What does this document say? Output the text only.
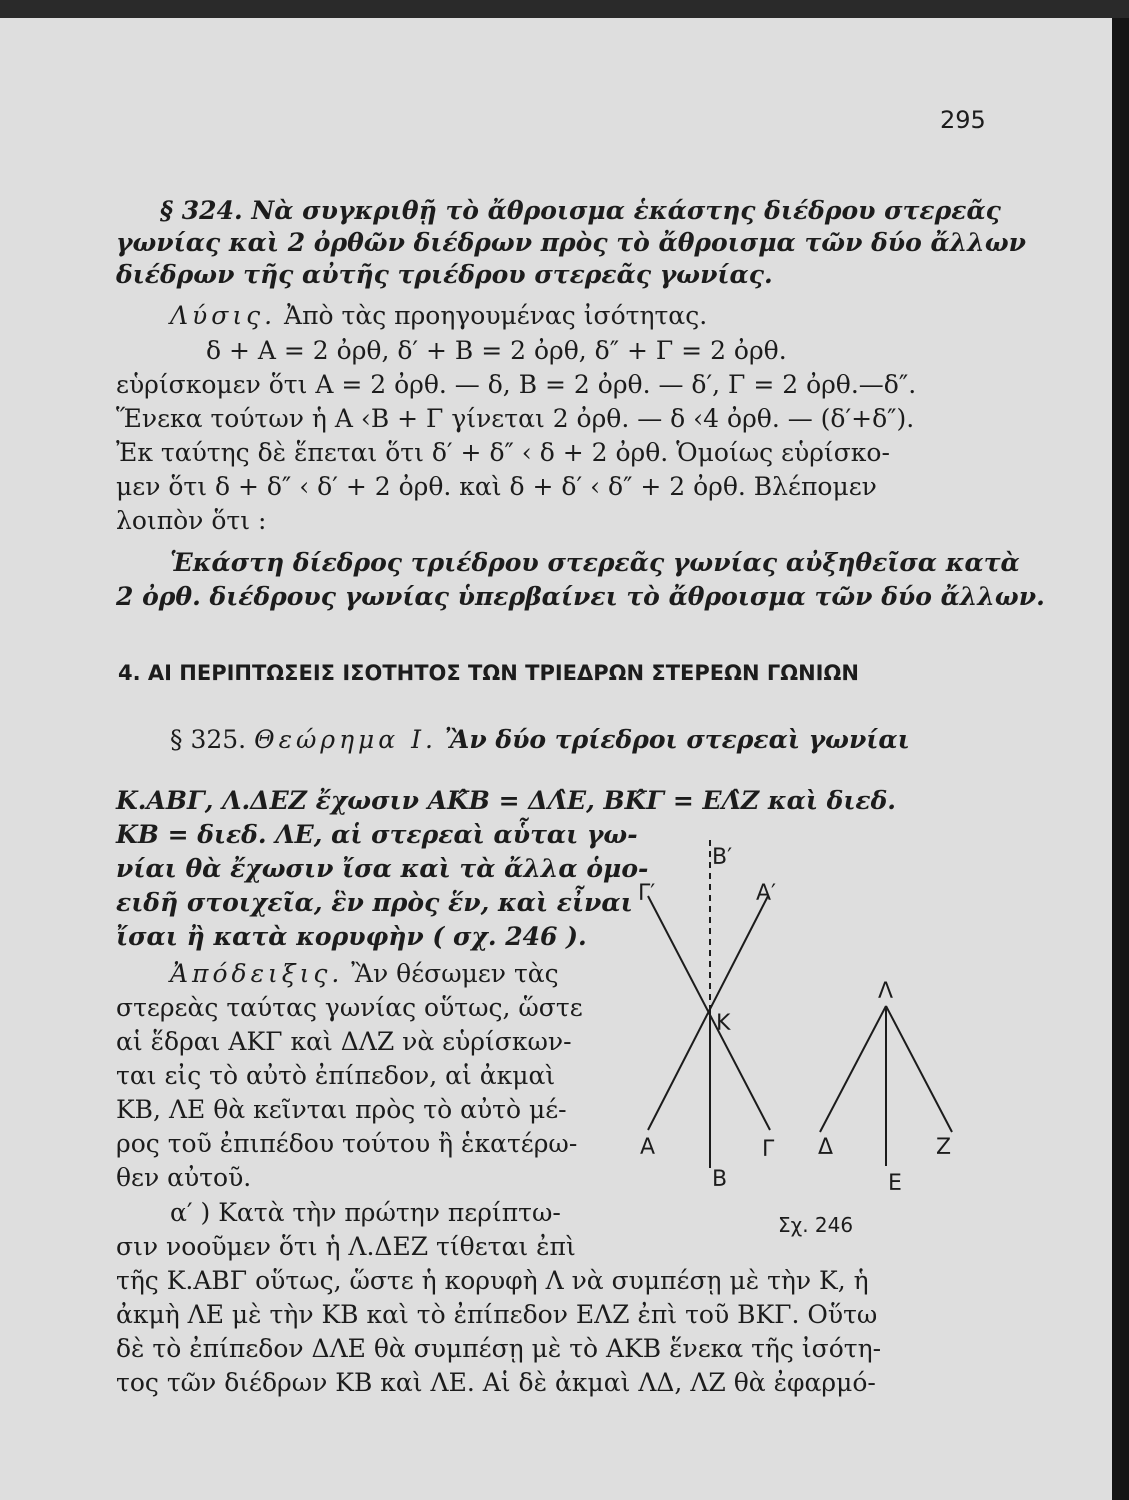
295
§ 324. Νὰ συγκριθῇ τὸ ἄθροισμα ἑκάστης διέδρου στερεᾶς
γωνίας καὶ 2 ὀρθῶν διέδρων πρὸς τὸ ἄθροισμα τῶν δύο ἄλλων
διέδρων τῆς αὐτῆς τριέδρου στερεᾶς γωνίας.
Λύσις. Ἀπὸ τὰς προηγουμένας ἰσότητας.
δ + Α = 2 ὀρθ, δ′ + Β = 2 ὀρθ, δ″ + Γ = 2 ὀρθ.
εὑρίσκομεν ὅτι Α = 2 ὀρθ. — δ, Β = 2 ὀρθ. — δ′, Γ = 2 ὀρθ.—δ″.
Ἕνεκα τούτων ἡ Α ‹Β + Γ γίνεται 2 ὀρθ. — δ ‹4 ὀρθ. — (δ′+δ″).
Ἐκ ταύτης δὲ ἕπεται ὅτι δ′ + δ″ ‹ δ + 2 ὀρθ. Ὁμοίως εὑρίσκο-
μεν ὅτι δ + δ″ ‹ δ′ + 2 ὀρθ. καὶ δ + δ′ ‹ δ″ + 2 ὀρθ. Βλέπομεν
λοιπὸν ὅτι :
Ἑκάστη δίεδρος τριέδρου στερεᾶς γωνίας αὐξηθεῖσα κατὰ
2 ὀρθ. διέδρους γωνίας ὑπερβαίνει τὸ ἄθροισμα τῶν δύο ἄλλων.
4. ΑΙ ΠΕΡΙΠΤΩΣΕΙΣ ΙΣΟΤΗΤΟΣ ΤΩΝ ΤΡΙΕΔΡΩΝ ΣΤΕΡΕΩΝ ΓΩΝΙΩΝ
§ 325. Θεώρημα Ι. Ἂν δύο τρίεδροι στερεαὶ γωνίαι
Κ.ΑΒΓ, Λ.ΔΕΖ ἔχωσιν ΑΚ̂Β = ΔΛ̂Ε, ΒΚ̂Γ = ΕΛ̂Ζ καὶ διεδ.
ΚΒ = διεδ. ΛΕ, αἱ στερεαὶ αὗται γω-
νίαι θὰ ἔχωσιν ἴσα καὶ τὰ ἄλλα ὁμο-
ειδῆ στοιχεῖα, ἓν πρὸς ἕν, καὶ εἶναι
ἴσαι ἢ κατὰ κορυφὴν ( σχ. 246 ).
Ἀπόδειξις. Ἂν θέσωμεν τὰς
στερεὰς ταύτας γωνίας οὕτως, ὥστε
αἱ ἕδραι ΑΚΓ καὶ ΔΛΖ νὰ εὑρίσκων-
ται εἰς τὸ αὐτὸ ἐπίπεδον, αἱ ἀκμαὶ
ΚΒ, ΛΕ θὰ κεῖνται πρὸς τὸ αὐτὸ μέ-
ρος τοῦ ἐπιπέδου τούτου ἢ ἑκατέρω-
θεν αὐτοῦ.
α′ ) Κατὰ τὴν πρώτην περίπτω-
σιν νοοῦμεν ὅτι ἡ Λ.ΔΕΖ τίθεται ἐπὶ
τῆς Κ.ΑΒΓ οὕτως, ὥστε ἡ κορυφὴ Λ νὰ συμπέσῃ μὲ τὴν Κ, ἡ
ἀκμὴ ΛΕ μὲ τὴν ΚΒ καὶ τὸ ἐπίπεδον ΕΛΖ ἐπὶ τοῦ ΒΚΓ. Οὕτω
δὲ τὸ ἐπίπεδον ΔΛΕ θὰ συμπέσῃ μὲ τὸ ΑΚΒ ἕνεκα τῆς ἰσότη-
τος τῶν διέδρων ΚΒ καὶ ΛΕ. Αἱ δὲ ἀκμαὶ ΛΔ, ΛΖ θὰ ἐφαρμό-
Β′
Γ′	Α′
Κ
Λ
Α	Γ Δ	Ζ
Β	Ε
Σχ. 246
